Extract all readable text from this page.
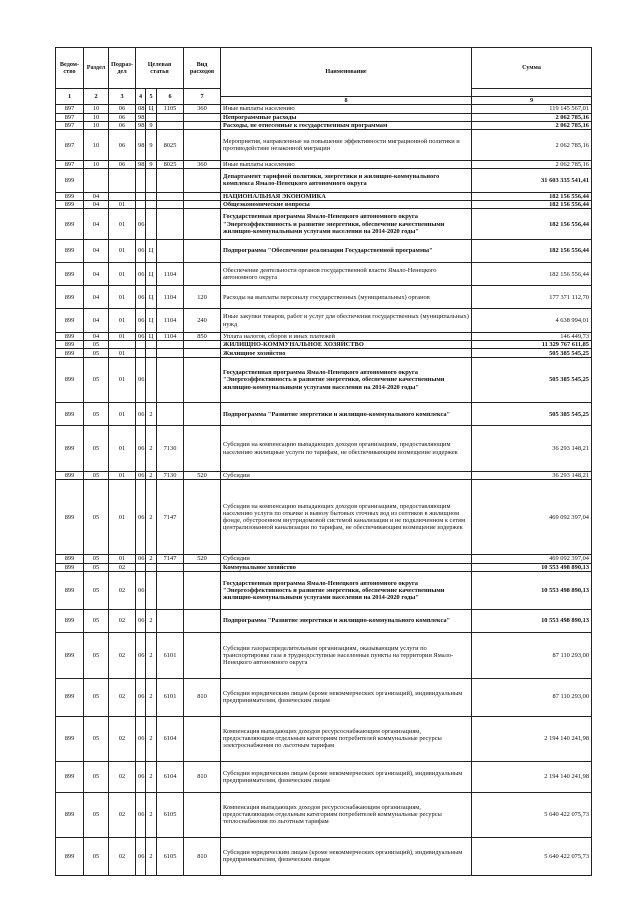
Ведом-
ство	Раздел	Подраз-
дел	Целевая
статья			Вид
расходов	Наименование	Сумма
1	2	3	4	5	6	7		
							8	9
897	10	06	08	Ц	1105	360	Иные выплаты населению	119 145 567,01
897	10	06	98				Непрограммные расходы	2 062 785,16
897	10	06	98	9			Расходы, не отнесенные к государственным программам	2 062 785,16
897	10	06	98	9	8025		Мероприятия, направленные на повышение эффективности миграционной политики и противодействие незаконной миграции	2 062 785,16
897	10	06	98	9	8025	360	Иные выплаты населению	2 062 785,16
899							Департамент тарифной политики, энергетики и жилищно-коммунального комплекса Ямало-Ненецкого автономного округа	31 603 335 541,41
899	04						НАЦИОНАЛЬНАЯ ЭКОНОМИКА	182 156 556,44
899	04	01					Общеэкономические вопросы	182 156 556,44
899	04	01	06				Государственная программа Ямало-Ненецкого автономного округа "Энергоэффективность и развитие энергетики, обеспечение качественными жилищно-коммунальными услугами населения на 2014-2020 годы"	182 156 556,44
899	04	01	06	Ц			Подпрограмма "Обеспечение реализации Государственной программы"	182 156 556,44
899	04	01	06	Ц	1104		Обеспечение деятельности органов государственной власти Ямало-Ненецкого автономного округа	182 156 556,44
899	04	01	06	Ц	1104	120	Расходы на выплаты персоналу государственных (муниципальных) органов	177 371 112,70
899	04	01	06	Ц	1104	240	Иные закупки товаров, работ и услуг для обеспечения государственных (муниципальных) нужд	4 638 994,01
899	04	01	06	Ц	1104	850	Уплата налогов, сборов и иных платежей	146 449,73
899	05						ЖИЛИЩНО-КОММУНАЛЬНОЕ ХОЗЯЙСТВО	11 329 767 611,85
899	05	01					Жилищное хозяйство	505 385 545,25
899	05	01	06				Государственная программа Ямало-Ненецкого автономного округа "Энергоэффективность и развитие энергетики, обеспечение качественными жилищно-коммунальными услугами населения на 2014-2020 годы"	505 385 545,25
899	05	01	06	2			Подпрограмма "Развитие энергетики и жилищно-коммунального комплекса"	505 385 545,25
899	05	01	06	2	7130		Субсидии на компенсацию выпадающих доходов организациям, предоставляющим населению жилищные услуги по тарифам, не обеспечивающим возмещение издержек	36 293 148,21
899	05	01	06	2	7130	520	Субсидии	36 293 148,21
899	05	01	06	2	7147		Субсидии на компенсацию выпадающих доходов организациям, предоставляющим населению услуги по откачке и вывозу бытовых сточных вод из септиков в жилищном фонде, обустроенном внутридомовой системой канализации и не подключенном к сетям централизованной канализации по тарифам, не обеспечивающим возмещение издержек	469 092 397,04
899	05	01	06	2	7147	520	Субсидии	469 092 397,04
899	05	02					Коммунальное хозяйство	10 553 498 890,13
899	05	02	06				Государственная программа Ямало-Ненецкого автономного округа "Энергоэффективность и развитие энергетики, обеспечение качественными жилищно-коммунальными услугами населения на 2014-2020 годы"	10 553 498 890,13
899	05	02	06	2			Подпрограмма "Развитие энергетики и жилищно-коммунального комплекса"	10 553 498 890,13
899	05	02	06	2	6101		Субсидии газораспределительным организациям, оказывающим услуги по транспортировке газа в труднодоступные населенные пункты на территории Ямало-Ненецкого автономного округа	87 110 293,00
899	05	02	06	2	6101	810	Субсидии юридическим лицам (кроме некоммерческих организаций), индивидуальным предпринимателям, физическим лицам	87 110 293,00
899	05	02	06	2	6104		Компенсация выпадающих доходов ресурсоснабжающим организациям, предоставляющим отдельным категориям потребителей коммунальные ресурсы электроснабжения по льготным тарифам	2 194 140 241,98
899	05	02	06	2	6104	810	Субсидии юридическим лицам (кроме некоммерческих организаций), индивидуальным предпринимателям, физическим лицам	2 194 140 241,98
899	05	02	06	2	6105		Компенсация выпадающих доходов ресурсоснабжающим организациям, предоставляющим отдельным категориям потребителей коммунальные ресурсы теплоснабжения по льготным тарифам	5 640 422 075,73
899	05	02	06	2	6105	810	Субсидии юридическим лицам (кроме некоммерческих организаций), индивидуальным предпринимателям, физическим лицам	5 640 422 075,73
